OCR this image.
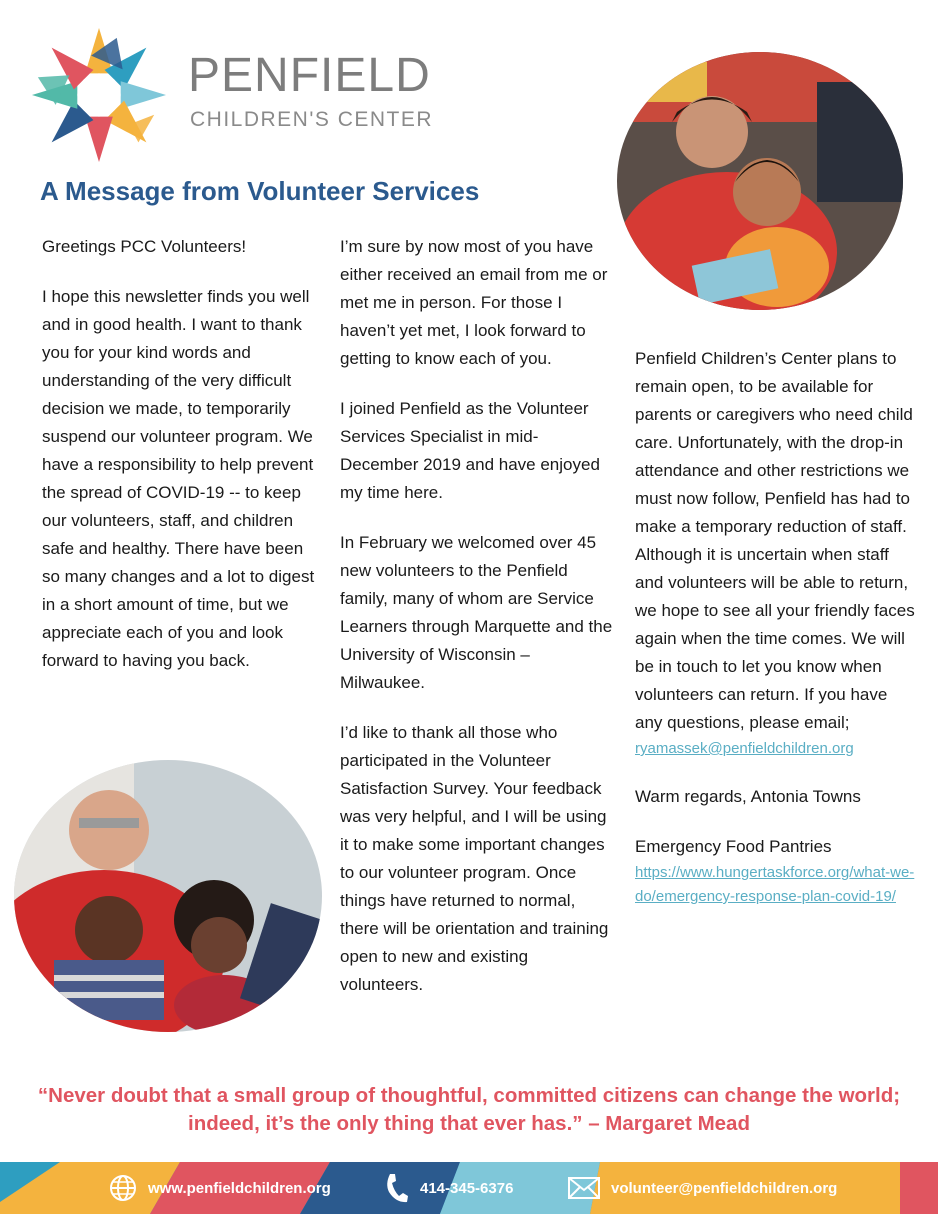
PENFIELD
CHILDREN'S CENTER
A Message from Volunteer Services

Greetings PCC Volunteers!

I hope this newsletter finds you well and in good health. I want to thank you for your kind words and understanding of the very difficult decision we made, to temporarily suspend our volunteer program. We have a responsibility to help prevent the spread of COVID-19 -- to keep our volunteers, staff, and children safe and healthy. There have been so many changes and a lot to digest in a short amount of time, but we appreciate each of you and look forward to having you back.

I’m sure by now most of you have either received an email from me or met me in person. For those I haven’t yet met, I look forward to getting to know each of you.

I joined Penfield as the Volunteer Services Specialist in mid- December 2019 and have enjoyed my time here.

In February we welcomed over 45 new volunteers to the Penfield family, many of whom are Service Learners through Marquette and the University of Wisconsin – Milwaukee.

I’d like to thank all those who participated in the Volunteer Satisfaction Survey. Your feedback was very helpful, and I will be using it to make some important changes to our volunteer program. Once things have returned to normal, there will be orientation and training open to new and existing volunteers.

Penfield Children’s Center plans to remain open, to be available for parents or caregivers who need child care. Unfortunately, with the drop-in attendance and other restrictions we must now follow, Penfield has had to make a temporary reduction of staff. Although it is uncertain when staff and volunteers will be able to return, we hope to see all your friendly faces again when the time comes. We will be in touch to let you know when volunteers can return. If you have any questions, please email;

ryamassek@penfieldchildren.org

Warm regards, Antonia Towns

Emergency Food Pantries

https://www.hungertaskforce.org/what-we-do/emergency-response-plan-covid-19/

“Never doubt that a small group of thoughtful, committed citizens can change the world; indeed, it’s the only thing that ever has.” – Margaret Mead
www.penfieldchildren.org	414-345-6376	volunteer@penfieldchildren.org
